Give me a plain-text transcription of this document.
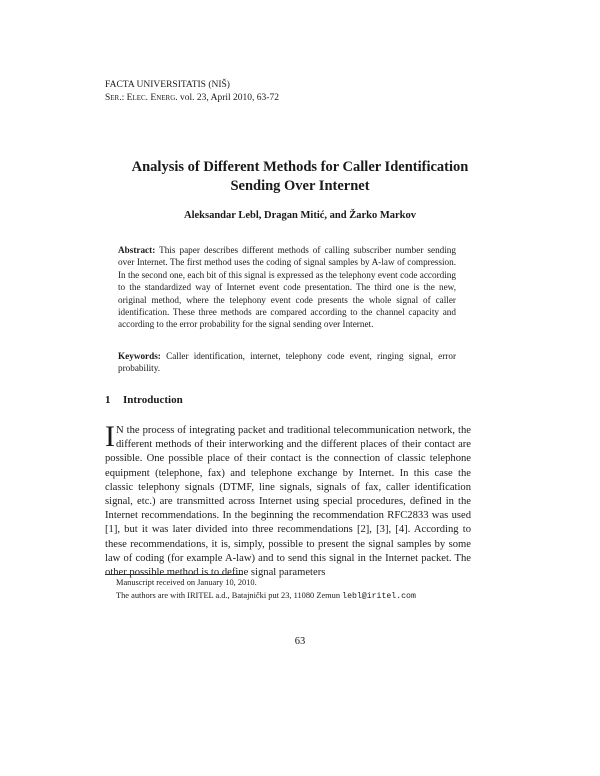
FACTA UNIVERSITATIS (NIŠ)
Ser.: Elec. Energ. vol. 23, April 2010, 63-72
Analysis of Different Methods for Caller Identification
Sending Over Internet
Aleksandar Lebl, Dragan Mitić, and Žarko Markov
Abstract: This paper describes different methods of calling subscriber number sending over Internet. The first method uses the coding of signal samples by A-law of compression. In the second one, each bit of this signal is expressed as the telephony event code according to the standardized way of Internet event code presentation. The third one is the new, original method, where the telephony event code presents the whole signal of caller identification. These three methods are compared according to the channel capacity and according to the error probability for the signal sending over Internet.
Keywords: Caller identification, internet, telephony code event, ringing signal, error probability.
1 Introduction
I N the process of integrating packet and traditional telecommunication network, the different methods of their interworking and the different places of their contact are possible. One possible place of their contact is the connection of classic telephone equipment (telephone, fax) and telephone exchange by Internet. In this case the classic telephony signals (DTMF, line signals, signals of fax, caller identification signal, etc.) are transmitted across Internet using special procedures, defined in the Internet recommendations. In the beginning the recommendation RFC2833 was used [1], but it was later divided into three recommendations [2], [3], [4]. According to these recommendations, it is, simply, possible to present the signal samples by some law of coding (for example A-law) and to send this signal in the Internet packet. The other possible method is to define signal parameters
Manuscript received on January 10, 2010.
The authors are with IRITEL a.d., Batajnički put 23, 11080 Zemun lebl@iritel.com
63
